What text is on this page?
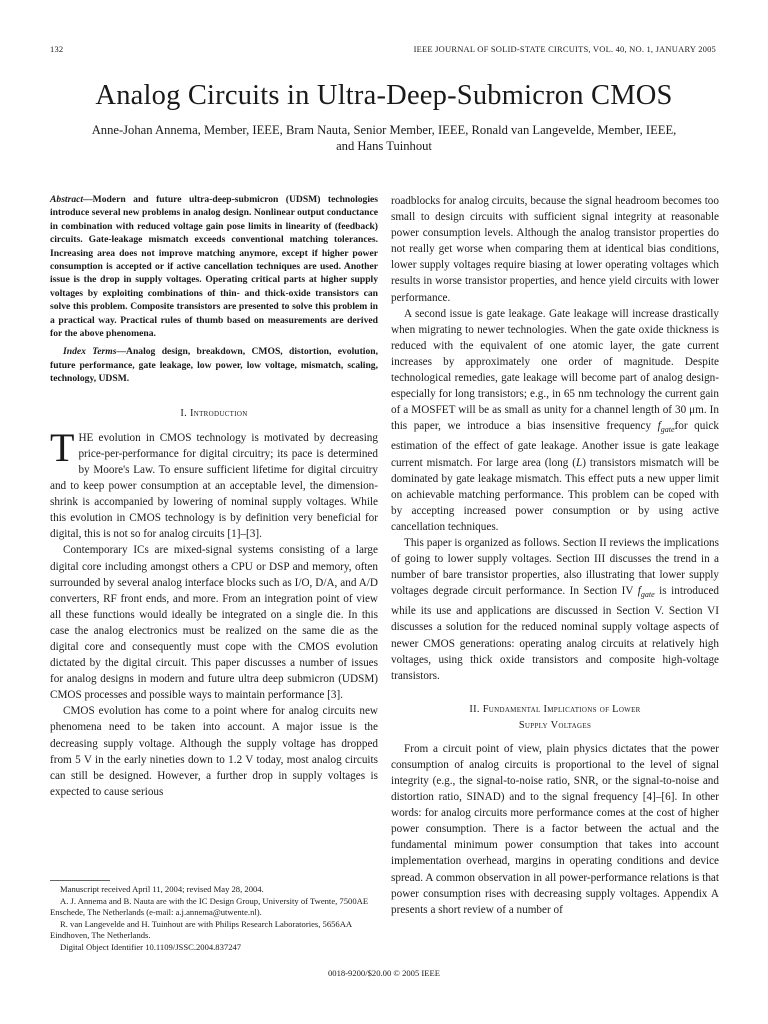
132	IEEE JOURNAL OF SOLID-STATE CIRCUITS, VOL. 40, NO. 1, JANUARY 2005
Analog Circuits in Ultra-Deep-Submicron CMOS
Anne-Johan Annema, Member, IEEE, Bram Nauta, Senior Member, IEEE, Ronald van Langevelde, Member, IEEE,
and Hans Tuinhout

Abstract—Modern and future ultra-deep-submicron (UDSM) technologies introduce several new problems in analog design. Nonlinear output conductance in combination with reduced voltage gain pose limits in linearity of (feedback) circuits. Gate-leakage mismatch exceeds conventional matching tolerances. Increasing area does not improve matching anymore, except if higher power consumption is accepted or if active cancellation techniques are used. Another issue is the drop in supply voltages. Operating critical parts at higher supply voltages by exploiting combinations of thin- and thick-oxide transistors can solve this problem. Composite transistors are presented to solve this problem in a practical way. Practical rules of thumb based on measurements are derived for the above phenomena.

Index Terms—Analog design, breakdown, CMOS, distortion, evolution, future performance, gate leakage, low power, low voltage, mismatch, scaling, technology, UDSM.

I. Introduction

THE evolution in CMOS technology is motivated by decreasing price-per-performance for digital circuitry; its pace is determined by Moore's Law. To ensure sufficient lifetime for digital circuitry and to keep power consumption at an acceptable level, the dimension-shrink is accompanied by lowering of nominal supply voltages. While this evolution in CMOS technology is by definition very beneficial for digital, this is not so for analog circuits [1]–[3].

Contemporary ICs are mixed-signal systems consisting of a large digital core including amongst others a CPU or DSP and memory, often surrounded by several analog interface blocks such as I/O, D/A, and A/D converters, RF front ends, and more. From an integration point of view all these functions would ideally be integrated on a single die. In this case the analog electronics must be realized on the same die as the digital core and consequently must cope with the CMOS evolution dictated by the digital circuit. This paper discusses a number of issues for analog designs in modern and future ultra deep submicron (UDSM) CMOS processes and possible ways to maintain performance [3].

CMOS evolution has come to a point where for analog circuits new phenomena need to be taken into account. A major issue is the decreasing supply voltage. Although the supply voltage has dropped from 5 V in the early nineties down to 1.2 V today, most analog circuits can still be designed. However, a further drop in supply voltages is expected to cause serious

Manuscript received April 11, 2004; revised May 28, 2004.

A. J. Annema and B. Nauta are with the IC Design Group, University of Twente, 7500AE Enschede, The Netherlands (e-mail: a.j.annema@utwente.nl).

R. van Langevelde and H. Tuinhout are with Philips Research Laboratories, 5656AA Eindhoven, The Netherlands.

Digital Object Identifier 10.1109/JSSC.2004.837247

roadblocks for analog circuits, because the signal headroom becomes too small to design circuits with sufficient signal integrity at reasonable power consumption levels. Although the analog transistor properties do not really get worse when comparing them at identical bias conditions, lower supply voltages require biasing at lower operating voltages which results in worse transistor properties, and hence yield circuits with lower performance.

A second issue is gate leakage. Gate leakage will increase drastically when migrating to newer technologies. When the gate oxide thickness is reduced with the equivalent of one atomic layer, the gate current increases by approximately one order of magnitude. Despite technological remedies, gate leakage will become part of analog design-especially for long transistors; e.g., in 65 nm technology the current gain of a MOSFET will be as small as unity for a channel length of 30 μm. In this paper, we introduce a bias insensitive frequency $f_{gate}for$ quick estimation of the effect of gate leakage. Another issue is gate leakage current mismatch. For large area (long (L) transistors mismatch will be dominated by gate leakage mismatch. This effect puts a new upper limit on achievable matching performance. This problem can be coped with by accepting increased power consumption or by using active cancellation techniques.

This paper is organized as follows. Section II reviews the implications of going to lower supply voltages. Section III discusses the trend in a number of bare transistor properties, also illustrating that lower supply voltages degrade circuit performance. In Section IV $f_{gate}$ is introduced while its use and applications are discussed in Section V. Section VI discusses a solution for the reduced nominal supply voltage aspects of newer CMOS generations: operating analog circuits at relatively high voltages, using thick oxide transistors and composite high-voltage transistors.

II. Fundamental Implications of Lower
Supply Voltages

From a circuit point of view, plain physics dictates that the power consumption of analog circuits is proportional to the level of signal integrity (e.g., the signal-to-noise ratio, SNR, or the signal-to-noise and distortion ratio, SINAD) and to the signal frequency [4]–[6]. In other words: for analog circuits more performance comes at the cost of higher power consumption. There is a factor between the actual and the fundamental minimum power consumption that takes into account implementation overhead, margins in operating conditions and device spread. A common observation in all power-performance relations is that power consumption rises with decreasing supply voltages. Appendix A presents a short review of a number of

0018-9200/$20.00 © 2005 IEEE
